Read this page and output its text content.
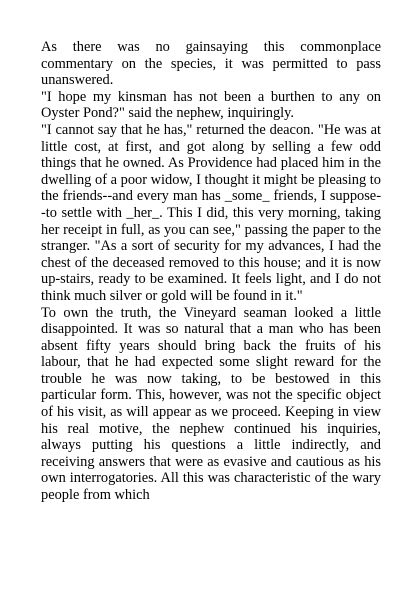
As there was no gainsaying this commonplace commentary on the species, it was permitted to pass unanswered.

"I hope my kinsman has not been a burthen to any on Oyster Pond?" said the nephew, inquiringly.

"I cannot say that he has," returned the deacon. "He was at little cost, at first, and got along by selling a few odd things that he owned. As Providence had placed him in the dwelling of a poor widow, I thought it might be pleasing to the friends--and every man has _some_ friends, I suppose--to settle with _her_. This I did, this very morning, taking her receipt in full, as you can see," passing the paper to the stranger. "As a sort of security for my advances, I had the chest of the deceased removed to this house; and it is now up-stairs, ready to be examined. It feels light, and I do not think much silver or gold will be found in it."

To own the truth, the Vineyard seaman looked a little disappointed. It was so natural that a man who has been absent fifty years should bring back the fruits of his labour, that he had expected some slight reward for the trouble he was now taking, to be bestowed in this particular form. This, however, was not the specific object of his visit, as will appear as we proceed. Keeping in view his real motive, the nephew continued his inquiries, always putting his questions a little indirectly, and receiving answers that were as evasive and cautious as his own interrogatories. All this was characteristic of the wary people from which
